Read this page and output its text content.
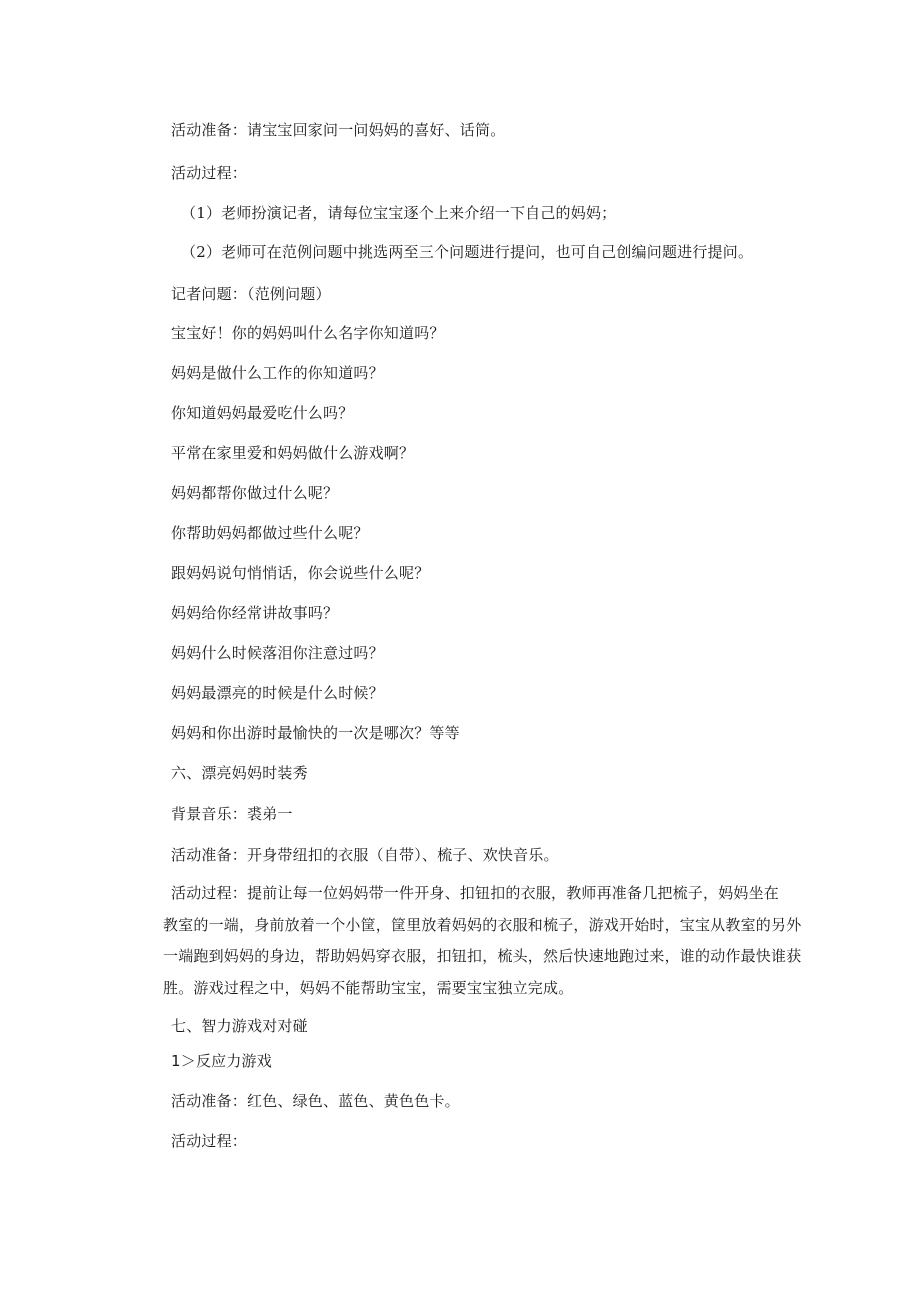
活动准备：请宝宝回家问一问妈妈的喜好、话筒。
活动过程：
（1）老师扮演记者，请每位宝宝逐个上来介绍一下自己的妈妈；
（2）老师可在范例问题中挑选两至三个问题进行提问，也可自己创编问题进行提问。
记者问题：（范例问题）
宝宝好！你的妈妈叫什么名字你知道吗？
妈妈是做什么工作的你知道吗？
你知道妈妈最爱吃什么吗？
平常在家里爱和妈妈做什么游戏啊？
妈妈都帮你做过什么呢？
你帮助妈妈都做过些什么呢？
跟妈妈说句悄悄话，你会说些什么呢？
妈妈给你经常讲故事吗？
妈妈什么时候落泪你注意过吗？
妈妈最漂亮的时候是什么时候？
妈妈和你出游时最愉快的一次是哪次？等等
六、漂亮妈妈时装秀
背景音乐：裘弟一
活动准备：开身带纽扣的衣服（自带）、梳子、欢快音乐。
活动过程：提前让每一位妈妈带一件开身、扣钮扣的衣服，教师再准备几把梳子，妈妈坐在
教室的一端，身前放着一个小筐，筐里放着妈妈的衣服和梳子，游戏开始时，宝宝从教室的另外
一端跑到妈妈的身边，帮助妈妈穿衣服，扣钮扣，梳头，然后快速地跑过来，谁的动作最快谁获
胜。游戏过程之中，妈妈不能帮助宝宝，需要宝宝独立完成。
七、智力游戏对对碰
1＞反应力游戏
活动准备：红色、绿色、蓝色、黄色色卡。
活动过程：
